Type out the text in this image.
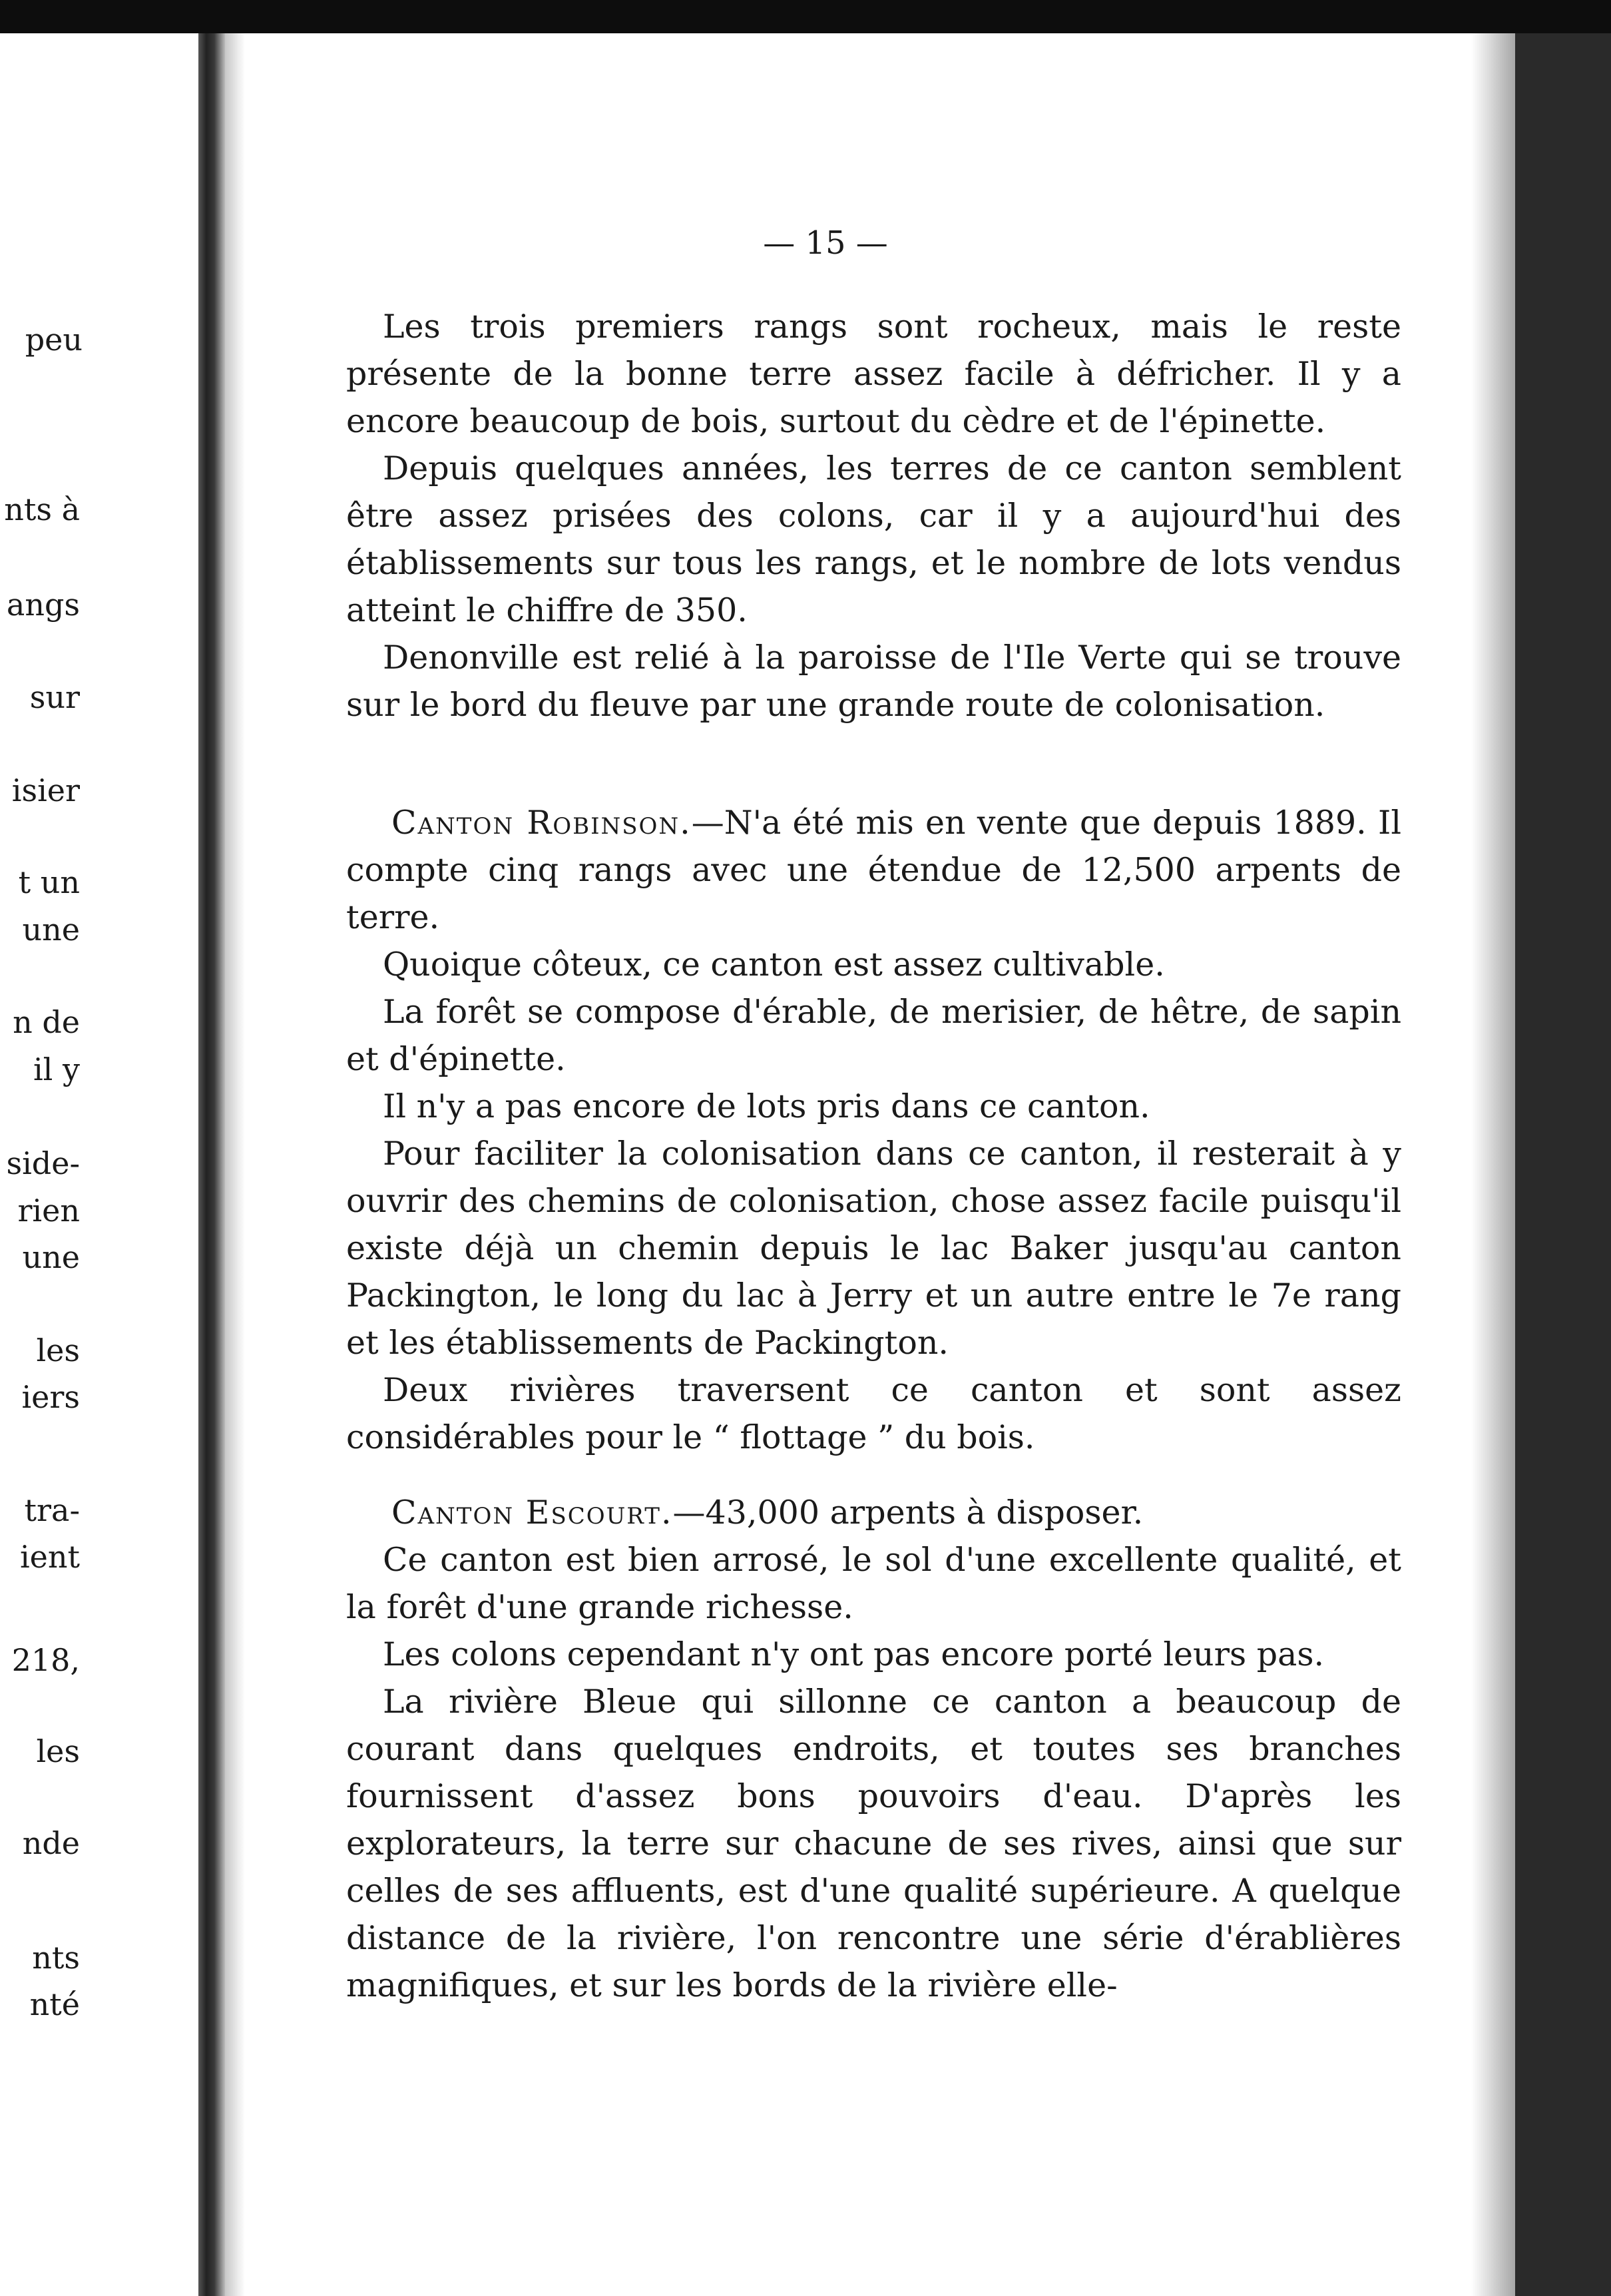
peu
nts à
angs
sur
isier
t un
une
n de
il y
side-
rien
une
les
iers
tra-
ient
218,
les
nde
nts
nté
— 15 —

Les trois premiers rangs sont rocheux, mais le reste présente de la bonne terre assez facile à défricher. Il y a encore beaucoup de bois, surtout du cèdre et de l'épinette.

Depuis quelques années, les terres de ce canton semblent être assez prisées des colons, car il y a aujourd'hui des établissements sur tous les rangs, et le nombre de lots vendus atteint le chiffre de 350.

Denonville est relié à la paroisse de l'Ile Verte qui se trouve sur le bord du fleuve par une grande route de colonisation.

Canton Robinson.—N'a été mis en vente que depuis 1889. Il compte cinq rangs avec une étendue de 12,500 arpents de terre.

Quoique côteux, ce canton est assez cultivable.

La forêt se compose d'érable, de merisier, de hêtre, de sapin et d'épinette.

Il n'y a pas encore de lots pris dans ce canton.

Pour faciliter la colonisation dans ce canton, il resterait à y ouvrir des chemins de colonisation, chose assez facile puisqu'il existe déjà un chemin depuis le lac Baker jusqu'au canton Packington, le long du lac à Jerry et un autre entre le 7e rang et les établissements de Packington.

Deux rivières traversent ce canton et sont assez considérables pour le “ flottage ” du bois.

Canton Escourt.—43,000 arpents à disposer.

Ce canton est bien arrosé, le sol d'une excellente qualité, et la forêt d'une grande richesse.

Les colons cependant n'y ont pas encore porté leurs pas.

La rivière Bleue qui sillonne ce canton a beaucoup de courant dans quelques endroits, et toutes ses branches fournissent d'assez bons pouvoirs d'eau. D'après les explorateurs, la terre sur chacune de ses rives, ainsi que sur celles de ses affluents, est d'une qualité supérieure. A quelque distance de la rivière, l'on rencontre une série d'érablières magnifiques, et sur les bords de la rivière elle-
